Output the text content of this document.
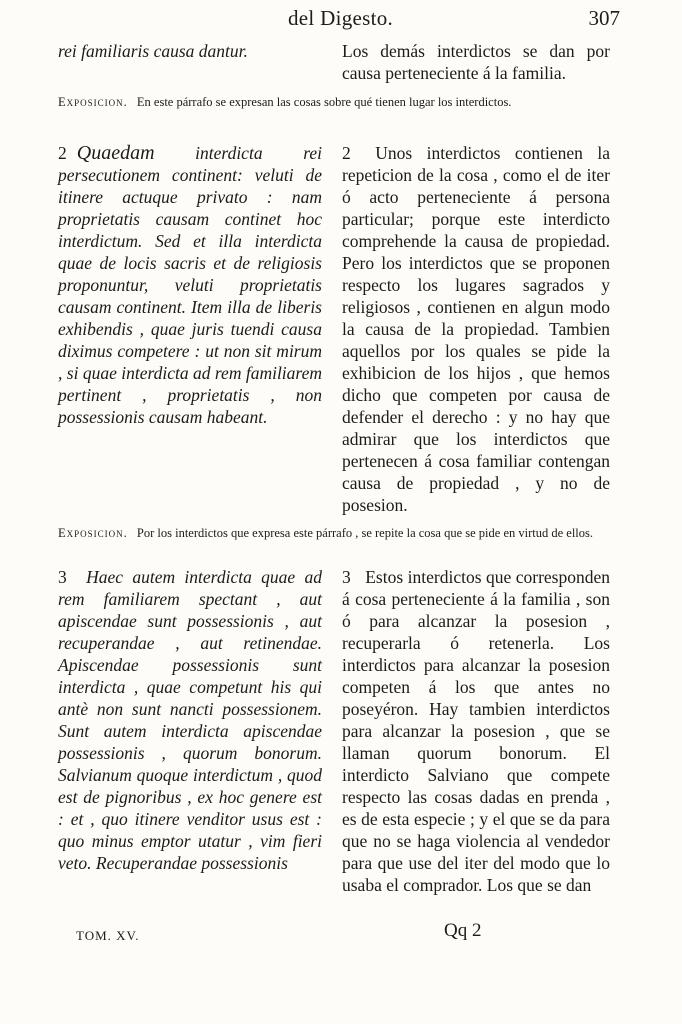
del Digesto.	307

rei familiaris causa dantur.	Los demás interdictos se dan por causa perteneciente á la familia.

Exposicion. En este párrafo se expresan las cosas sobre qué tienen lugar los interdictos.

2 Quaedam interdicta rei persecutionem continent: veluti de itinere actuque privato : nam proprietatis causam continet hoc interdictum. Sed et illa interdicta quae de locis sacris et de religiosis proponuntur, veluti proprietatis causam continent. Item illa de liberis exhibendis , quae juris tuendi causa diximus competere : ut non sit mirum , si quae interdicta ad rem familiarem pertinent , proprietatis , non possessionis causam habeant.

2 Unos interdictos contienen la repeticion de la cosa , como el de iter ó acto perteneciente á persona particular; porque este interdicto comprehende la causa de propiedad. Pero los interdictos que se proponen respecto los lugares sagrados y religiosos , contienen en algun modo la causa de la propiedad. Tambien aquellos por los quales se pide la exhibicion de los hijos , que hemos dicho que competen por causa de defender el derecho : y no hay que admirar que los interdictos que pertenecen á cosa familiar contengan causa de propiedad , y no de posesion.

Exposicion. Por los interdictos que expresa este párrafo , se repite la cosa que se pide en virtud de ellos.

3 Haec autem interdicta quae ad rem familiarem spectant , aut apiscendae sunt possessionis , aut recuperandae , aut retinendae. Apiscendae possessionis sunt interdicta , quae competunt his qui antè non sunt nancti possessionem. Sunt autem interdicta apiscendae possessionis , quorum bonorum. Salvianum quoque interdictum , quod est de pignoribus , ex hoc genere est : et , quo itinere venditor usus est : quo minus emptor utatur , vim fieri veto. Recuperandae possessionis

3 Estos interdictos que corresponden á cosa perteneciente á la familia , son ó para alcanzar la posesion , recuperarla ó retenerla. Los interdictos para alcanzar la posesion competen á los que antes no poseyéron. Hay tambien interdictos para alcanzar la posesion , que se llaman quorum bonorum. El interdicto Salviano que compete respecto las cosas dadas en prenda , es de esta especie ; y el que se da para que no se haga violencia al vendedor para que use del iter del modo que lo usaba el comprador. Los que se dan

TOM. XV.	Qq 2
